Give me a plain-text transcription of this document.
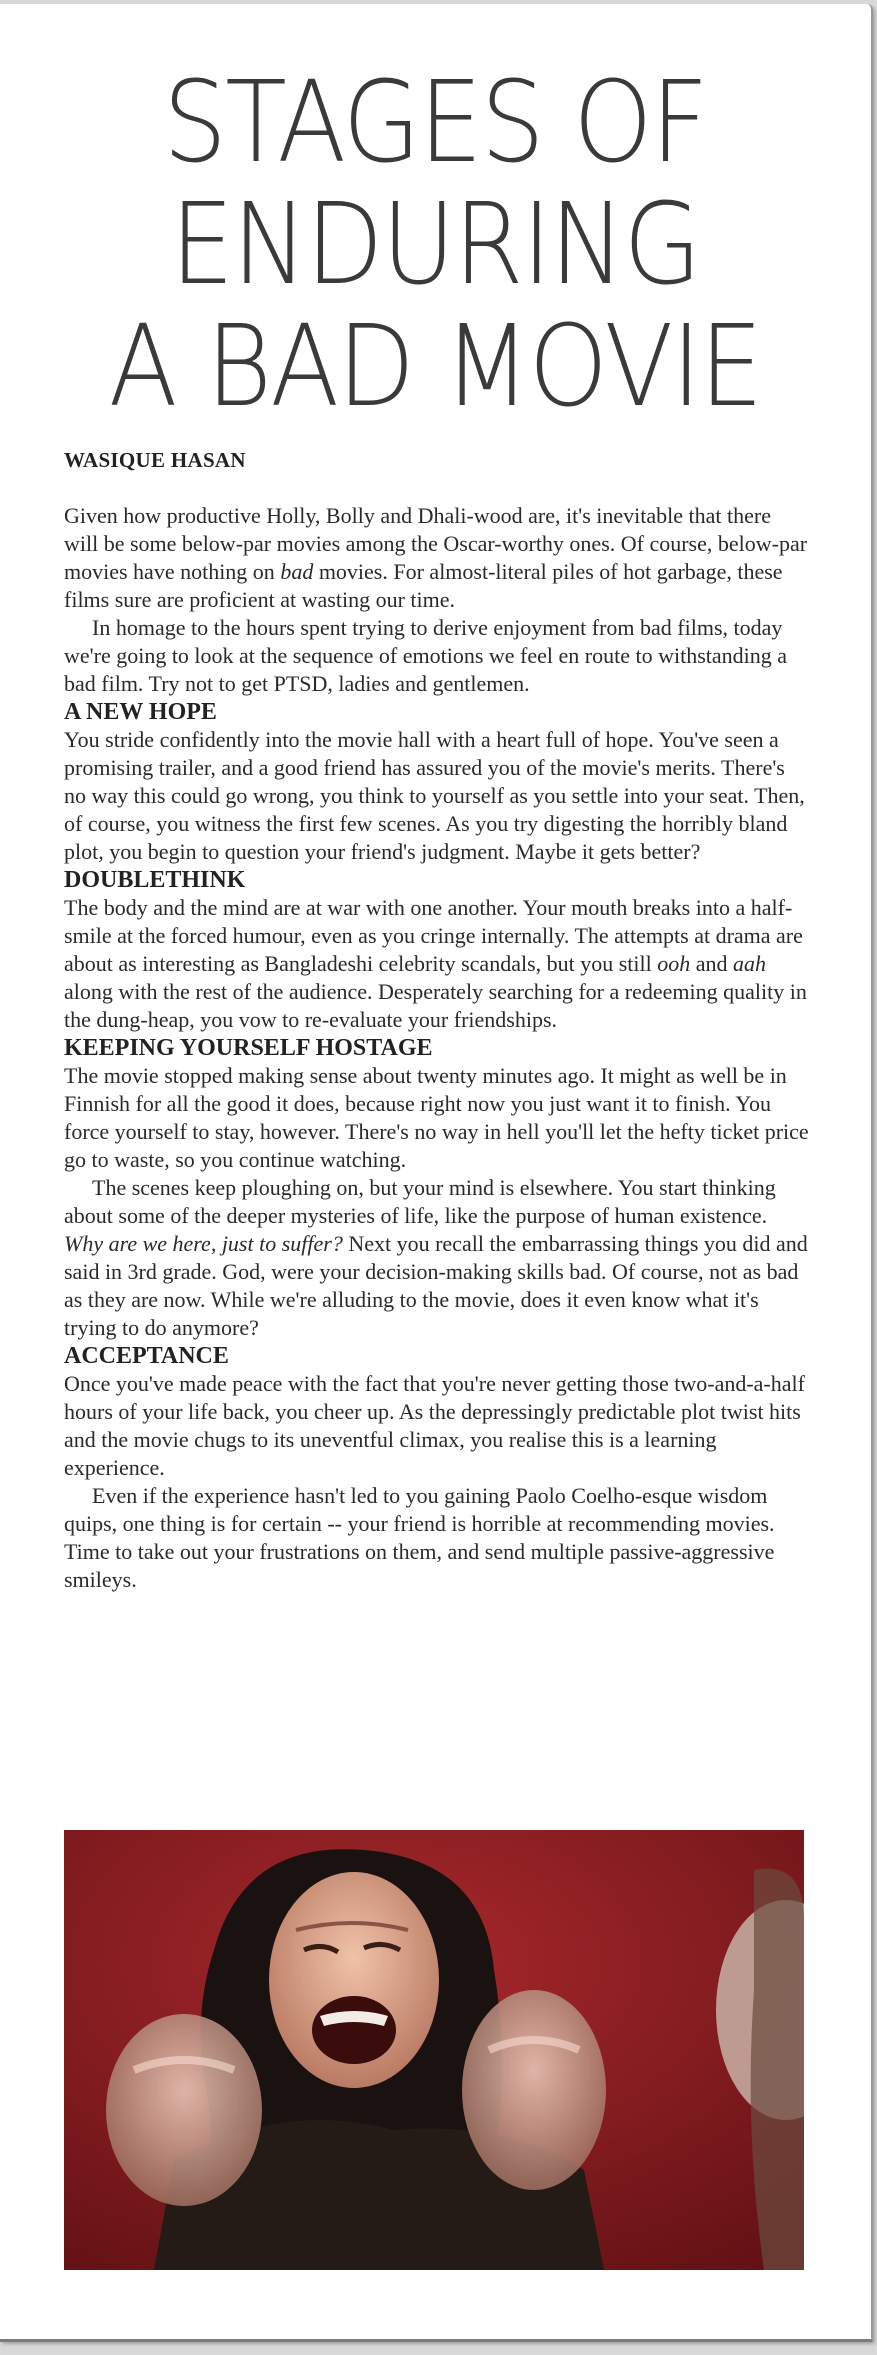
STAGES OF
ENDURING
A BAD MOVIE

WASIQUE HASAN

Given how productive Holly, Bolly and Dhali-wood are, it's inevitable that there will be some below-par movies among the Oscar-worthy ones. Of course, below-par movies have nothing on bad movies. For almost-literal piles of hot garbage, these films sure are proficient at wasting our time.

In homage to the hours spent trying to derive enjoyment from bad films, today we're going to look at the sequence of emotions we feel en route to withstanding a bad film. Try not to get PTSD, ladies and gentlemen.

A NEW HOPE

You stride confidently into the movie hall with a heart full of hope. You've seen a promising trailer, and a good friend has assured you of the movie's merits. There's no way this could go wrong, you think to yourself as you settle into your seat. Then, of course, you witness the first few scenes. As you try digesting the horribly bland plot, you begin to question your friend's judgment. Maybe it gets better?

DOUBLETHINK

The body and the mind are at war with one another. Your mouth breaks into a half-smile at the forced humour, even as you cringe internally. The attempts at drama are about as interesting as Bangladeshi celebrity scandals, but you still ooh and aah along with the rest of the audience. Desperately searching for a redeeming quality in the dung-heap, you vow to re-evaluate your friendships.

KEEPING YOURSELF HOSTAGE

The movie stopped making sense about twenty minutes ago. It might as well be in Finnish for all the good it does, because right now you just want it to finish. You force yourself to stay, however. There's no way in hell you'll let the hefty ticket price go to waste, so you continue watching.

The scenes keep ploughing on, but your mind is elsewhere. You start thinking about some of the deeper mysteries of life, like the purpose of human existence. Why are we here, just to suffer? Next you recall the embarrassing things you did and said in 3rd grade. God, were your decision-making skills bad. Of course, not as bad as they are now. While we're alluding to the movie, does it even know what it's trying to do anymore?

ACCEPTANCE

Once you've made peace with the fact that you're never getting those two-and-a-half hours of your life back, you cheer up. As the depressingly predictable plot twist hits and the movie chugs to its uneventful climax, you realise this is a learning experience.

Even if the experience hasn't led to you gaining Paolo Coelho-esque wisdom quips, one thing is for certain -- your friend is horrible at recommending movies. Time to take out your frustrations on them, and send multiple passive-aggressive smileys.
